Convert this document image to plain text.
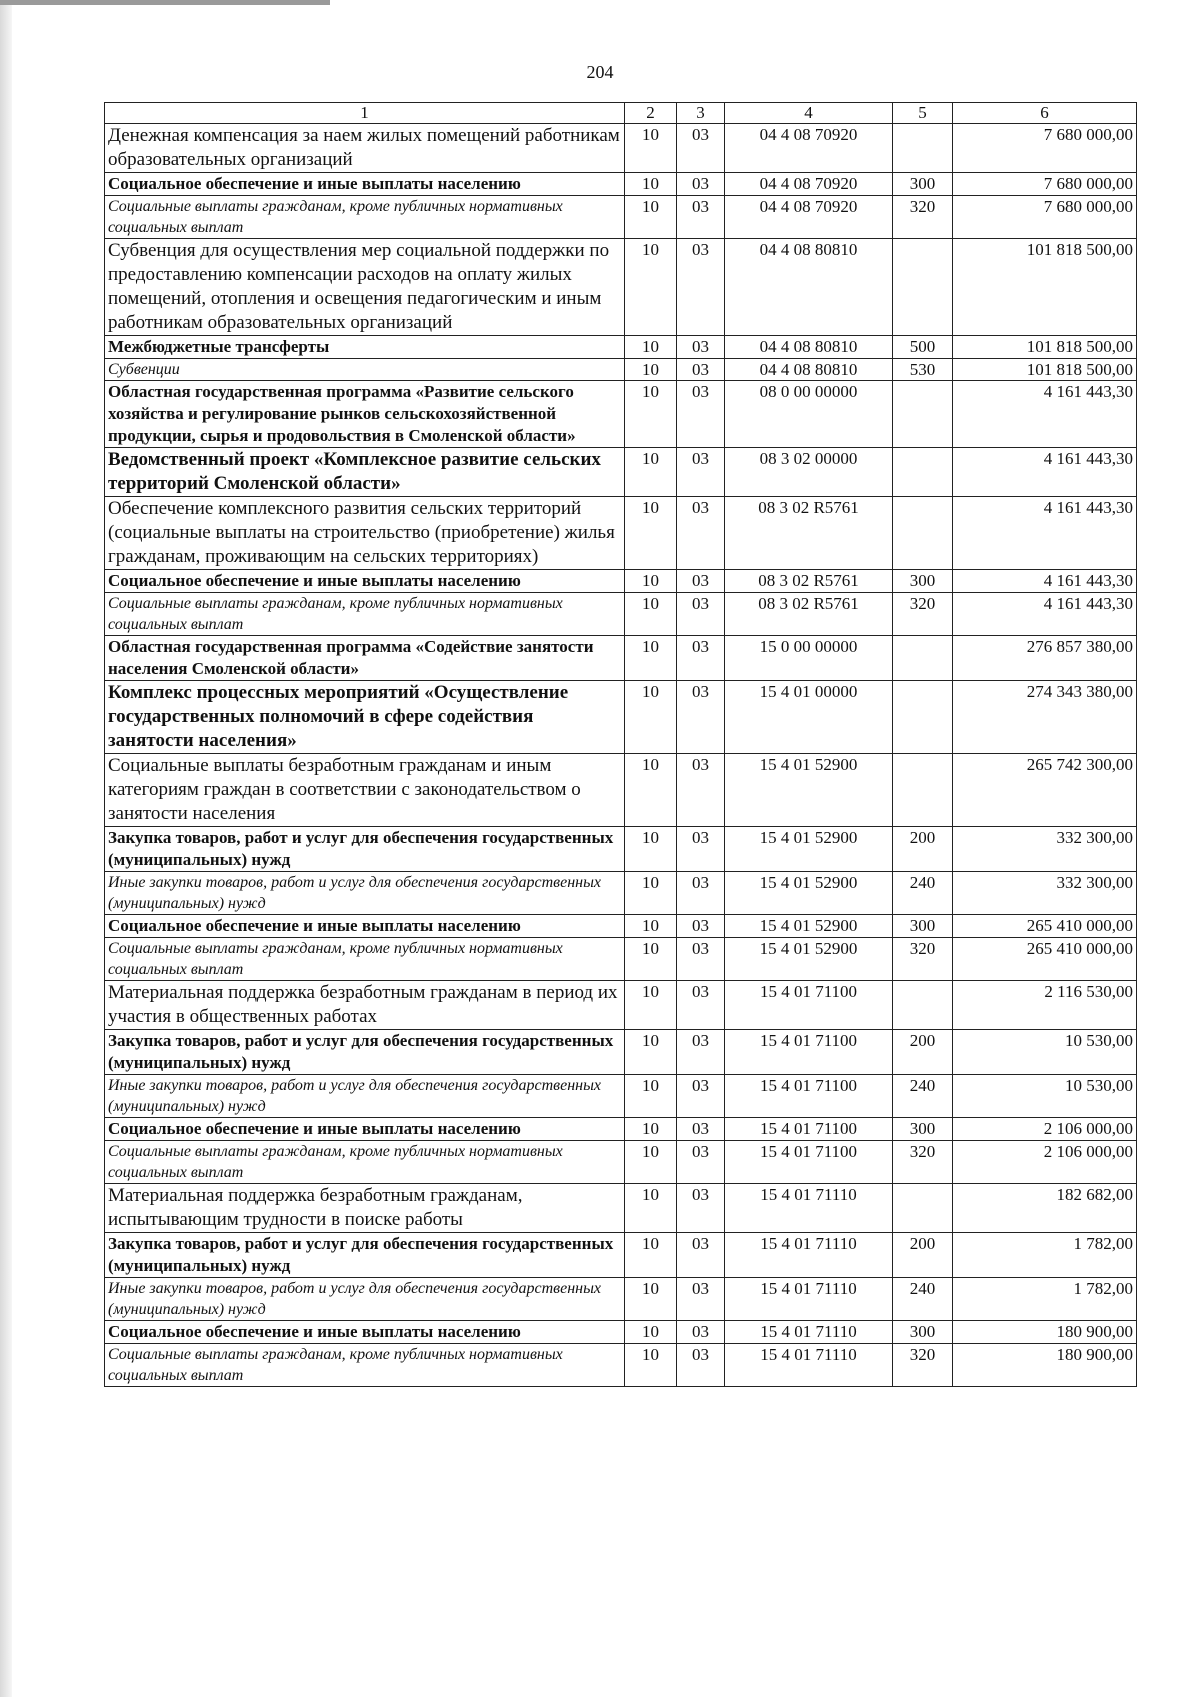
204
1	2	3	4	5	6
Денежная компенсация за наем жилых помещений работникам образовательных организаций	10	03	04 4 08 70920		7 680 000,00
Социальное обеспечение и иные выплаты населению	10	03	04 4 08 70920	300	7 680 000,00
Социальные выплаты гражданам, кроме публичных нормативных социальных выплат	10	03	04 4 08 70920	320	7 680 000,00
Субвенция для осуществления мер социальной поддержки по предоставлению компенсации расходов на оплату жилых помещений, отопления и освещения педагогическим и иным работникам образовательных организаций	10	03	04 4 08 80810		101 818 500,00
Межбюджетные трансферты	10	03	04 4 08 80810	500	101 818 500,00
Субвенции	10	03	04 4 08 80810	530	101 818 500,00
Областная государственная программа «Развитие сельского хозяйства и регулирование рынков сельскохозяйственной продукции, сырья и продовольствия в Смоленской области»	10	03	08 0 00 00000		4 161 443,30
Ведомственный проект «Комплексное развитие сельских территорий Смоленской области»	10	03	08 3 02 00000		4 161 443,30
Обеспечение комплексного развития сельских территорий (социальные выплаты на строительство (приобретение) жилья гражданам, проживающим на сельских территориях)	10	03	08 3 02 R5761		4 161 443,30
Социальное обеспечение и иные выплаты населению	10	03	08 3 02 R5761	300	4 161 443,30
Социальные выплаты гражданам, кроме публичных нормативных социальных выплат	10	03	08 3 02 R5761	320	4 161 443,30
Областная государственная программа «Содействие занятости населения Смоленской области»	10	03	15 0 00 00000		276 857 380,00
Комплекс процессных мероприятий «Осуществление государственных полномочий в сфере содействия занятости населения»	10	03	15 4 01 00000		274 343 380,00
Социальные выплаты безработным гражданам и иным категориям граждан в соответствии с законодательством о занятости населения	10	03	15 4 01 52900		265 742 300,00
Закупка товаров, работ и услуг для обеспечения государственных (муниципальных) нужд	10	03	15 4 01 52900	200	332 300,00
Иные закупки товаров, работ и услуг для обеспечения государственных (муниципальных) нужд	10	03	15 4 01 52900	240	332 300,00
Социальное обеспечение и иные выплаты населению	10	03	15 4 01 52900	300	265 410 000,00
Социальные выплаты гражданам, кроме публичных нормативных социальных выплат	10	03	15 4 01 52900	320	265 410 000,00
Материальная поддержка безработным гражданам в период их участия в общественных работах	10	03	15 4 01 71100		2 116 530,00
Закупка товаров, работ и услуг для обеспечения государственных (муниципальных) нужд	10	03	15 4 01 71100	200	10 530,00
Иные закупки товаров, работ и услуг для обеспечения государственных (муниципальных) нужд	10	03	15 4 01 71100	240	10 530,00
Социальное обеспечение и иные выплаты населению	10	03	15 4 01 71100	300	2 106 000,00
Социальные выплаты гражданам, кроме публичных нормативных социальных выплат	10	03	15 4 01 71100	320	2 106 000,00
Материальная поддержка безработным гражданам, испытывающим трудности в поиске работы	10	03	15 4 01 71110		182 682,00
Закупка товаров, работ и услуг для обеспечения государственных (муниципальных) нужд	10	03	15 4 01 71110	200	1 782,00
Иные закупки товаров, работ и услуг для обеспечения государственных (муниципальных) нужд	10	03	15 4 01 71110	240	1 782,00
Социальное обеспечение и иные выплаты населению	10	03	15 4 01 71110	300	180 900,00
Социальные выплаты гражданам, кроме публичных нормативных социальных выплат	10	03	15 4 01 71110	320	180 900,00
